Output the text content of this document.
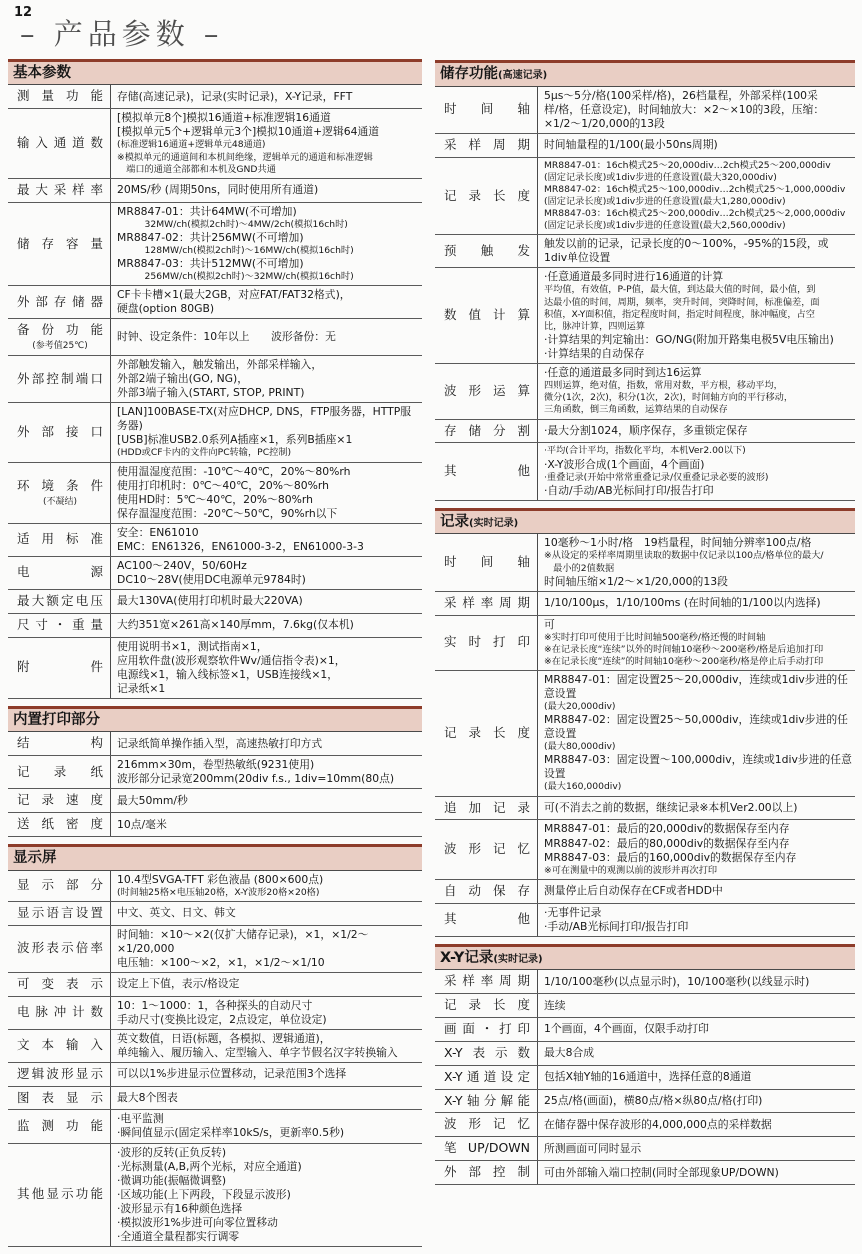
12
– 产品参数 –
基本参数
测量功能 存储(高速记录)，记录(实时记录)，X-Y记录，FFT
输入通道数
[模拟单元8个]模拟16通道+标准逻辑16通道
[模拟单元5个+逻辑单元3个]模拟10通道+逻辑64通道
(标准逻辑16通道+逻辑单元48通道)
※模拟单元的通道间和本机间绝缘，逻辑单元的通道和标准逻辑
　端口的通道全部都和本机及GND共通
最大采样率 20MS/秒 (周期50ns，同时使用所有通道)
储存容量
MR8847-01：共计64MW(不可增加)
　　　32MW/ch(模拟2ch时)～4MW/2ch(模拟16ch时)
MR8847-02：共计256MW(不可增加)
　　　128MW/ch(模拟2ch时)～16MW/ch(模拟16ch时)
MR8847-03：共计512MW(不可增加)
　　　256MW/ch(模拟2ch时)～32MW/ch(模拟16ch时)
外部存储器 CF卡卡槽×1(最大2GB，对应FAT/FAT32格式)，
硬盘(option 80GB)
备份功能
(参考值25℃)
时钟、设定条件：10年以上　　波形备份：无
外部控制端口
外部触发输入，触发输出，外部采样输入，
外部2端子输出(GO, NG)，
外部3端子输入(START, STOP, PRINT)
外部接口
[LAN]100BASE-TX(对应DHCP, DNS，FTP服务器，HTTP服务器)
[USB]标准USB2.0系列A插座×1，系列B插座×1
(HDD或CF卡内的文件向PC转输，PC控制)
环境条件
(不凝结)
使用温湿度范围：-10℃～40℃，20%～80%rh
使用打印机时：0℃～40℃，20%～80%rh
使用HD时：5℃～40℃，20%～80%rh
保存温湿度范围：-20℃～50℃，90%rh以下
适用标准 安全：EN61010
EMC：EN61326，EN61000-3-2，EN61000-3-3
电源 AC100～240V，50/60Hz
DC10～28V(使用DC电源单元9784时)
最大额定电压 最大130VA(使用打印机时最大220VA)
尺寸・重量 大约351宽×261高×140厚mm，7.6kg(仅本机)
附件
使用说明书×1，测试指南×1，
应用软件盘(波形观察软件Wv/通信指令表)×1，
电源线×1，输入线标签×1，USB连接线×1，
记录纸×1
内置打印部分
结构 记录纸简单操作插入型，高速热敏打印方式
记录纸 216mm×30m，卷型热敏纸(9231使用)
波形部分记录宽200mm(20div f.s., 1div=10mm(80点)
记录速度 最大50mm/秒
送纸密度 10点/毫米
显示屏
显示部分 10.4型SVGA-TFT 彩色液晶 (800×600点)
(时间轴25格×电压轴20格，X-Y波形20格×20格)
显示语言设置 中文、英文、日文、韩文
波形表示倍率
时间轴：×10～×2(仅扩大储存记录)，×1，×1/2～×1/20,000
电压轴：×100～×2，×1，×1/2～×1/10
可变表示 设定上下值，表示/格设定
电脉冲计数 10：1～1000：1，各种探头的自动尺寸
手动尺寸(变换比设定，2点设定，单位设定)
文本输入 英文数值，日语(标题，各模拟、逻辑通道)，
单纯输入、履历输入、定型输入、单字节假名汉字转换输入
逻辑波形显示 可以以1%步进显示位置移动，记录范围3个选择
图表显示 最大8个图表
监测功能 ·电平监测
·瞬间值显示(固定采样率10kS/s，更新率0.5秒)
其他显示功能
·波形的反转(正负反转)
·光标测量(A,B,两个光标，对应全通道)
·微调功能(振幅微调整)
·区域功能(上下两段，下段显示波形)
·波形显示有16种颜色选择
·模拟波形1%步进可向零位置移动
·全通道全量程都实行调零
储存功能(高速记录)
时间轴
5μs～5分/格(100采样/格)，26档量程，外部采样(100采
样/格，任意设定)，时间轴放大：×2～×10的3段，压缩：
×1/2～1/20,000的13段
采样周期 时间轴量程的1/100(最小50ns周期)
记录长度
MR8847-01：16ch模式25～20,000div…2ch模式25～200,000div
(固定记录长度)或1div步进的任意设置(最大320,000div)
MR8847-02：16ch模式25～100,000div…2ch模式25～1,000,000div
(固定记录长度)或1div步进的任意设置(最大1,280,000div)
MR8847-03：16ch模式25～200,000div…2ch模式25～2,000,000div
(固定记录长度)或1div步进的任意设置(最大2,560,000div)
预触发 触发以前的记录，记录长度的0～100%，-95%的15段，或
1div单位设置
数值计算
·任意通道最多同时进行16通道的计算
平均值，有效值，P-P值，最大值，到达最大值的时间，最小值，到
达最小值的时间，周期，频率，突升时间，突降时间，标准偏差，面
积值，X-Y面积值，指定程度时间，指定时间程度，脉冲幅度，占空
比，脉冲计算，四则运算
·计算结果的判定输出：GO/NG(附加开路集电极5V电压输出)
·计算结果的自动保存
波形运算
·任意的通道最多同时到达16运算
四则运算，绝对值，指数，常用对数，平方根，移动平均，
微分(1次，2次)，积分(1次，2次)，时间轴方向的平行移动，
三角函数，倒三角函数，运算结果的自动保存
存储分割 ·最大分割1024，顺序保存，多重锁定保存
其他
·平均(合计平均，指数化平均，本机Ver2.00以下)
·X-Y波形合成(1个画面，4个画面)
·重叠记录(开始中常常重叠记录/仅重叠记录必要的波形)
·自动/手动/AB光标间打印/报告打印
记录(实时记录)
时间轴
10毫秒～1小时/格　19档量程，时间轴分辨率100点/格
※从设定的采样率周期里读取的数据中仅记录以100点/格单位的最大/
　最小的2值数据
时间轴压缩×1/2～×1/20,000的13段
采样率周期 1/10/100μs，1/10/100ms (在时间轴的1/100以内选择)
实时打印
可
※实时打印可使用于比时间轴500毫秒/格还慢的时间轴
※在记录长度“连续”以外的时间轴10毫秒～200毫秒/格是后追加打印
※在记录长度“连续”的时间轴10毫秒～200毫秒/格是停止后手动打印
记录长度
MR8847-01：固定设置25～20,000div，连续或1div步进的任意设置
(最大20,000div)
MR8847-02：固定设置25～50,000div，连续或1div步进的任意设置
(最大80,000div)
MR8847-03：固定设置～100,000div，连续或1div步进的任意设置
(最大160,000div)
追加记录 可(不消去之前的数据，继续记录※本机Ver2.00以上)
波形记忆
MR8847-01：最后的20,000div的数据保存至内存
MR8847-02：最后的80,000div的数据保存至内存
MR8847-03：最后的160,000div的数据保存至内存
※可在测量中的观测以前的波形并再次打印
自动保存 测量停止后自动保存在CF或者HDD中
其他 ·无事件记录
·手动/AB光标间打印/报告打印
X-Y记录(实时记录)
采样率周期 1/10/100毫秒(以点显示时)，10/100毫秒(以线显示时)
记录长度 连续
画面・打印 1个画面，4个画面，仅限手动打印
X-Y表示数 最大8合成
X-Y通道设定 包括X轴Y轴的16通道中，选择任意的8通道
X-Y轴分解能 25点/格(画面)，横80点/格×纵80点/格(打印)
波形记忆 在储存器中保存波形的4,000,000点的采样数据
笔UP/DOWN 所测画面可同时显示
外部控制 可由外部输入端口控制(同时全部现象UP/DOWN)
